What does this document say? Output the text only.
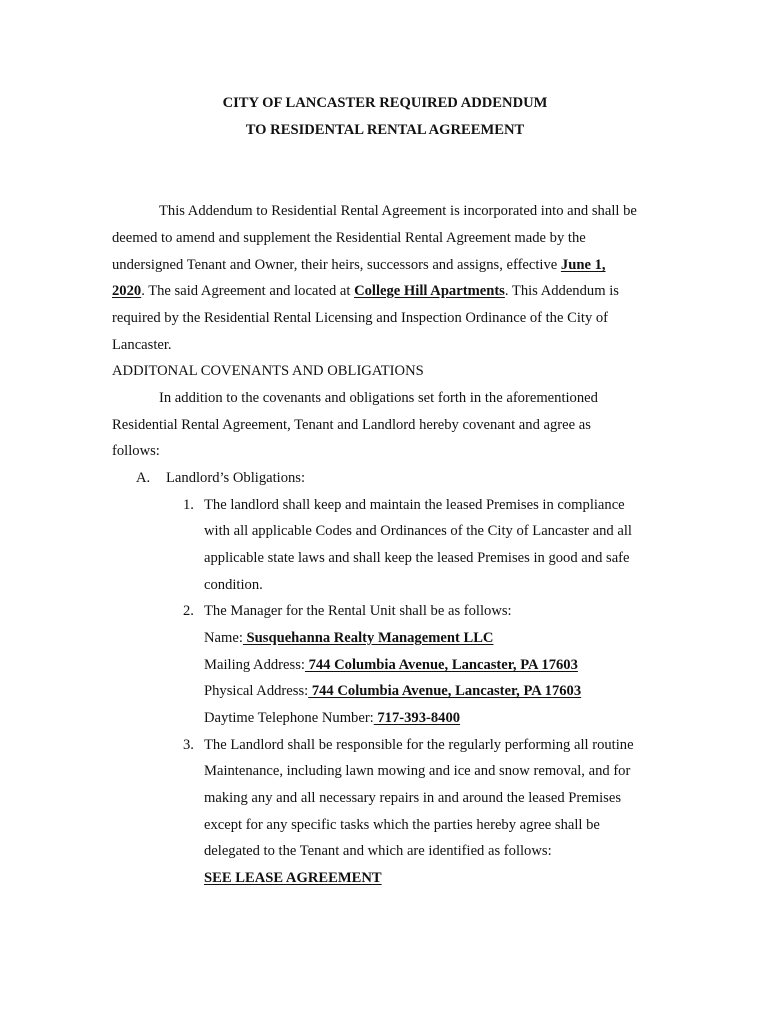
CITY OF LANCASTER REQUIRED ADDENDUM
TO RESIDENTAL RENTAL AGREEMENT
This Addendum to Residential Rental Agreement is incorporated into and shall be
deemed to amend and supplement the Residential Rental Agreement made by the
undersigned Tenant and Owner, their heirs, successors and assigns, effective June 1,
2020. The said Agreement and located at College Hill Apartments. This Addendum is
required by the Residential Rental Licensing and Inspection Ordinance of the City of
Lancaster.
ADDITONAL COVENANTS AND OBLIGATIONS
In addition to the covenants and obligations set forth in the aforementioned
Residential Rental Agreement, Tenant and Landlord hereby covenant and agree as
follows:
A. Landlord’s Obligations:
1. The landlord shall keep and maintain the leased Premises in compliance
with all applicable Codes and Ordinances of the City of Lancaster and all
applicable state laws and shall keep the leased Premises in good and safe
condition.
2. The Manager for the Rental Unit shall be as follows:
Name: Susquehanna Realty Management LLC
Mailing Address: 744 Columbia Avenue, Lancaster, PA 17603
Physical Address: 744 Columbia Avenue, Lancaster, PA 17603
Daytime Telephone Number: 717-393-8400
3. The Landlord shall be responsible for the regularly performing all routine
Maintenance, including lawn mowing and ice and snow removal, and for
making any and all necessary repairs in and around the leased Premises
except for any specific tasks which the parties hereby agree shall be
delegated to the Tenant and which are identified as follows:
SEE LEASE AGREEMENT
